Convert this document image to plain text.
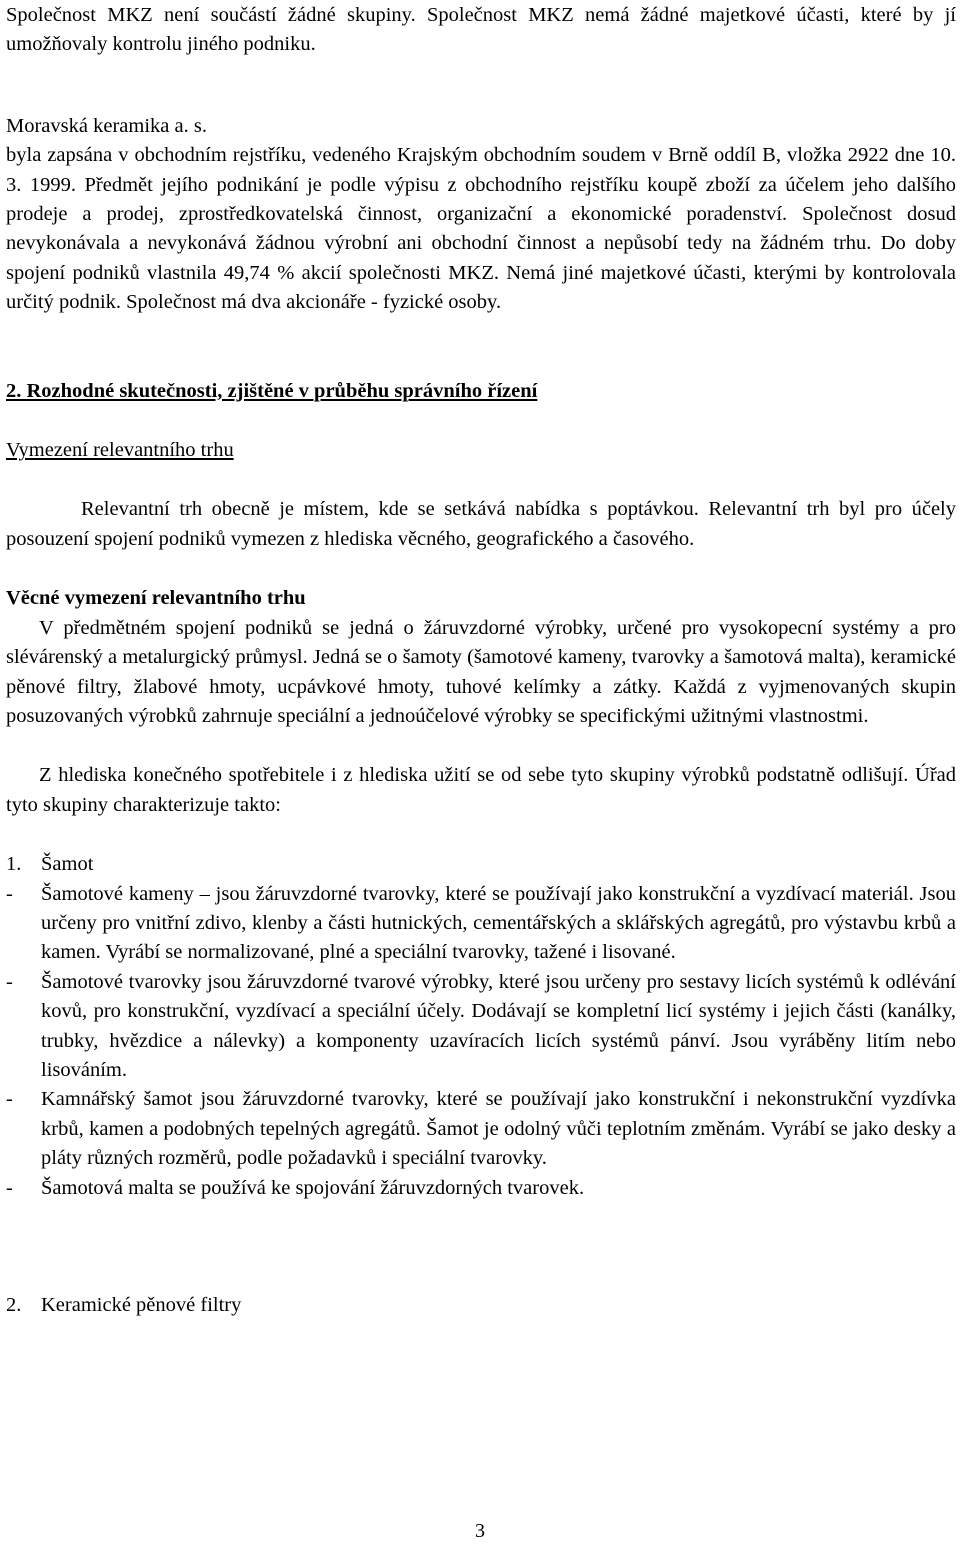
Společnost MKZ není součástí žádné skupiny. Společnost MKZ nemá žádné majetkové účasti, které by jí umožňovaly kontrolu jiného podniku.

Moravská keramika a. s.

byla zapsána v obchodním rejstříku, vedeného Krajským obchodním soudem v Brně oddíl B, vložka 2922 dne 10. 3. 1999. Předmět jejího podnikání je podle výpisu z obchodního rejstříku koupě zboží za účelem jeho dalšího prodeje a prodej, zprostředkovatelská činnost, organizační a ekonomické poradenství. Společnost dosud nevykonávala a nevykonává žádnou výrobní ani obchodní činnost a nepůsobí tedy na žádném trhu. Do doby spojení podniků vlastnila 49,74 % akcií společnosti MKZ. Nemá jiné majetkové účasti, kterými by kontrolovala určitý podnik. Společnost má dva akcionáře - fyzické osoby.

2. Rozhodné skutečnosti, zjištěné v průběhu správního řízení

Vymezení relevantního trhu

Relevantní trh obecně je místem, kde se setkává nabídka s poptávkou. Relevantní trh byl pro účely posouzení spojení podniků vymezen z hlediska věcného, geografického a časového.

Věcné vymezení relevantního trhu

V předmětném spojení podniků se jedná o žáruvzdorné výrobky, určené pro vysokopecní systémy a pro slévárenský a metalurgický průmysl. Jedná se o šamoty (šamotové kameny, tvarovky a šamotová malta), keramické pěnové filtry, žlabové hmoty, ucpávkové hmoty, tuhové kelímky a zátky. Každá z vyjmenovaných skupin posuzovaných výrobků zahrnuje speciální a jednoúčelové výrobky se specifickými užitnými vlastnostmi.

Z hlediska konečného spotřebitele i z hlediska užití se od sebe tyto skupiny výrobků podstatně odlišují. Úřad tyto skupiny charakterizuje takto:

1. Šamot
-	Šamotové kameny – jsou žáruvzdorné tvarovky, které se používají jako konstrukční a vyzdívací materiál. Jsou určeny pro vnitřní zdivo, klenby a části hutnických, cementářských a sklářských agregátů, pro výstavbu krbů a kamen. Vyrábí se normalizované, plné a speciální tvarovky, tažené i lisované.
-	Šamotové tvarovky jsou žáruvzdorné tvarové výrobky, které jsou určeny pro sestavy licích systémů k odlévání kovů, pro konstrukční, vyzdívací a speciální účely. Dodávají se kompletní licí systémy i jejich části (kanálky, trubky, hvězdice a nálevky) a komponenty uzavíracích licích systémů pánví. Jsou vyráběny litím nebo lisováním.
-	Kamnářský šamot jsou žáruvzdorné tvarovky, které se používají jako konstrukční i nekonstrukční vyzdívka krbů, kamen a podobných tepelných agregátů. Šamot je odolný vůči teplotním změnám. Vyrábí se jako desky a pláty různých rozměrů, podle požadavků i speciální tvarovky.
-	Šamotová malta se používá ke spojování žáruvzdorných tvarovek.
2. Keramické pěnové filtry
3
